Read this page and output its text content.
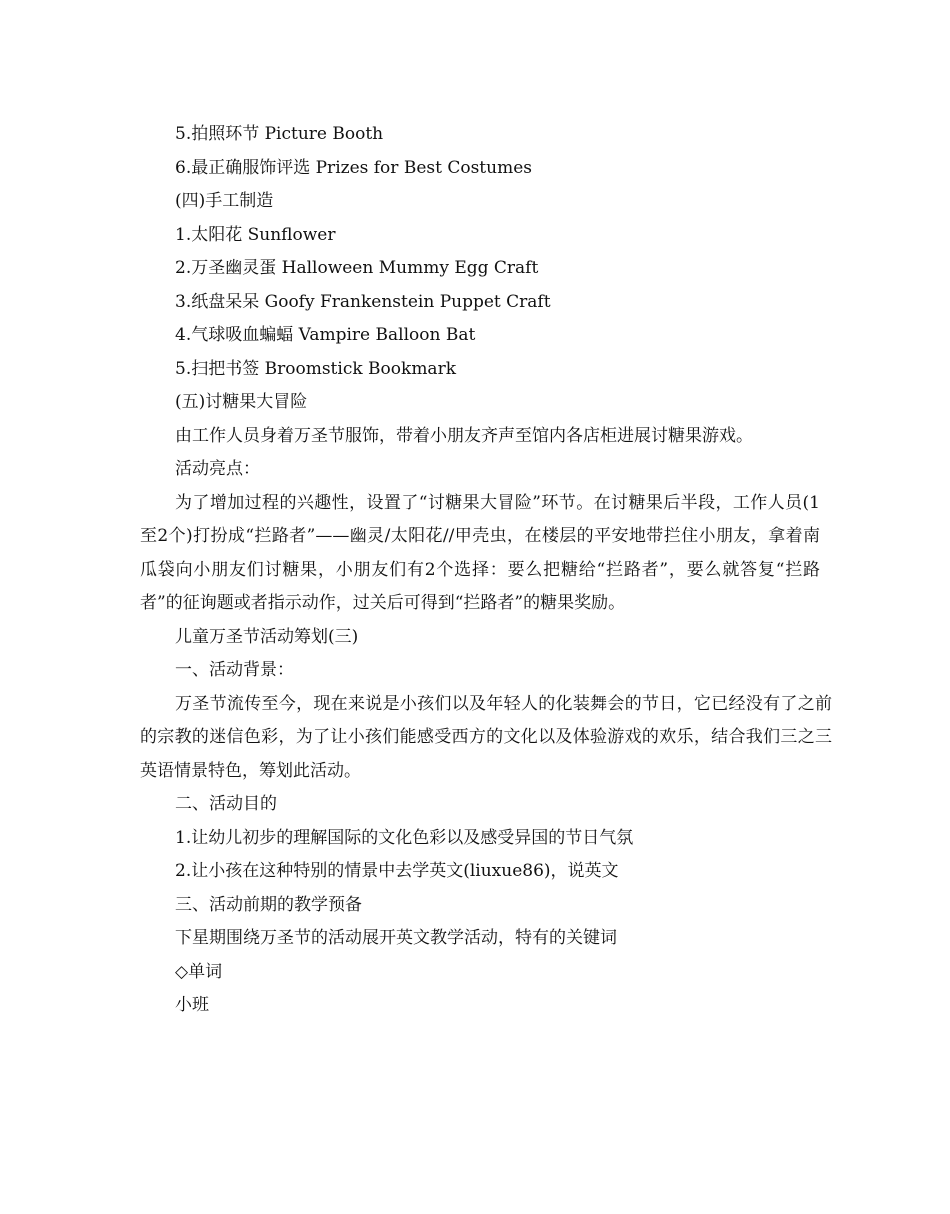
5.拍照环节 Picture Booth
6.最正确服饰评选 Prizes for Best Costumes
(四)手工制造
1.太阳花 Sunflower
2.万圣幽灵蛋 Halloween Mummy Egg Craft
3.纸盘呆呆 Goofy Frankenstein Puppet Craft
4.气球吸血蝙蝠 Vampire Balloon Bat
5.扫把书签 Broomstick Bookmark
(五)讨糖果大冒险
由工作人员身着万圣节服饰，带着小朋友齐声至馆内各店柜进展讨糖果游戏。
活动亮点：

为了增加过程的兴趣性，设置了“讨糖果大冒险”环节。在讨糖果后半段，工作人员(1至2个)打扮成“拦路者”——幽灵/太阳花//甲壳虫，在楼层的平安地带拦住小朋友，拿着南瓜袋向小朋友们讨糖果，小朋友们有2个选择：要么把糖给“拦路者”，要么就答复“拦路者”的征询题或者指示动作，过关后可得到“拦路者”的糖果奖励。

儿童万圣节活动筹划(三)
一、活动背景：

万圣节流传至今，现在来说是小孩们以及年轻人的化装舞会的节日，它已经没有了之前的宗教的迷信色彩，为了让小孩们能感受西方的文化以及体验游戏的欢乐，结合我们三之三英语情景特色，筹划此活动。

二、活动目的
1.让幼儿初步的理解国际的文化色彩以及感受异国的节日气氛
2.让小孩在这种特别的情景中去学英文(liuxue86)，说英文
三、活动前期的教学预备
下星期围绕万圣节的活动展开英文教学活动，特有的关键词
◇单词
小班
